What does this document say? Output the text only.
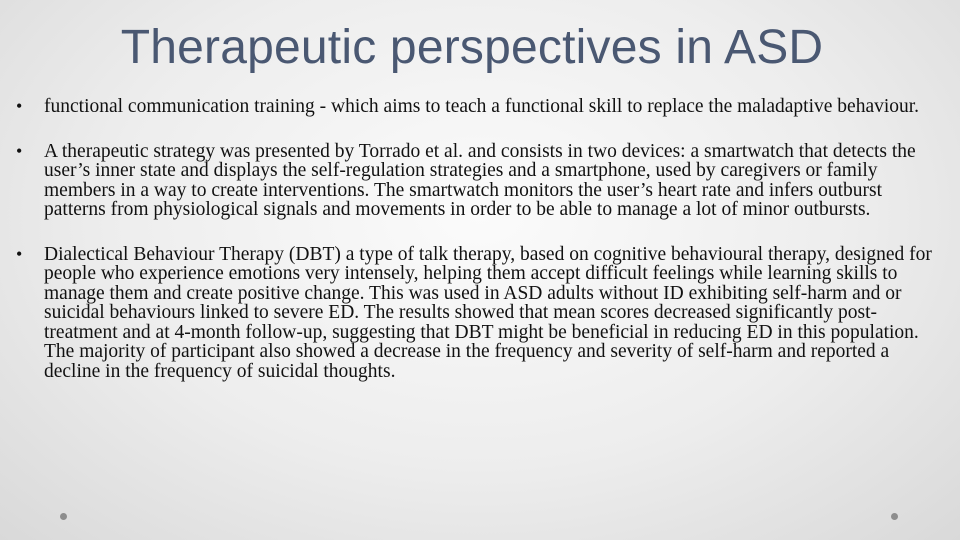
Therapeutic perspectives in ASD
•	functional communication training - which aims to teach a functional skill to replace the maladaptive behaviour.
•	A therapeutic strategy was presented by Torrado et al. and consists in two devices: a smartwatch that detects the user’s inner state and displays the self-regulation strategies and a smartphone, used by caregivers or family members in a way to create interventions. The smartwatch monitors the user’s heart rate and infers outburst patterns from physiological signals and movements in order to be able to manage a lot of minor outbursts.
•	Dialectical Behaviour Therapy (DBT) a type of talk therapy, based on cognitive behavioural therapy, designed for people who experience emotions very intensely, helping them accept difficult feelings while learning skills to manage them and create positive change. This was used in ASD adults without ID exhibiting self-harm and or suicidal behaviours linked to severe ED. The results showed that mean scores decreased significantly post-treatment and at 4-month follow-up, suggesting that DBT might be beneficial in reducing ED in this population. The majority of participant also showed a decrease in the frequency and severity of self-harm and reported a decline in the frequency of suicidal thoughts.
